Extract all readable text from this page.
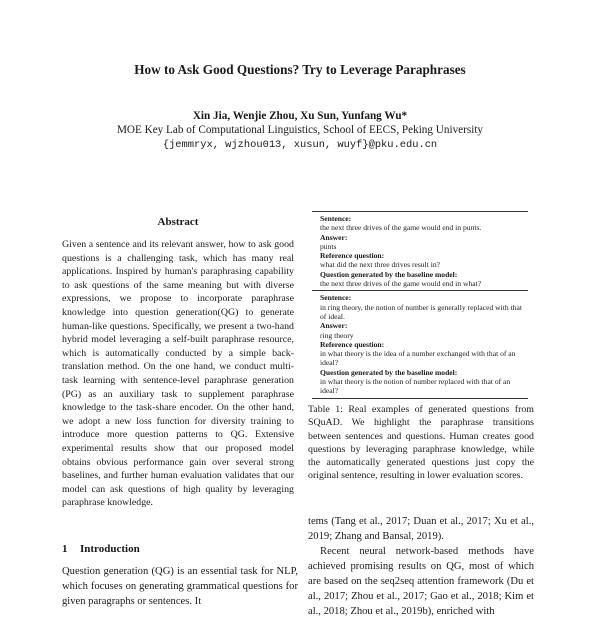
How to Ask Good Questions? Try to Leverage Paraphrases
Xin Jia, Wenjie Zhou, Xu Sun, Yunfang Wu*
MOE Key Lab of Computational Linguistics, School of EECS, Peking University
{jemmryx, wjzhou013, xusun, wuyf}@pku.edu.cn
Abstract
Given a sentence and its relevant answer, how to ask good questions is a challenging task, which has many real applications. Inspired by human's paraphrasing capability to ask questions of the same meaning but with diverse expressions, we propose to incorporate paraphrase knowledge into question generation(QG) to generate human-like questions. Specifically, we present a two-hand hybrid model leveraging a self-built paraphrase resource, which is automatically conducted by a simple back-translation method. On the one hand, we conduct multi-task learning with sentence-level paraphrase generation (PG) as an auxiliary task to supplement paraphrase knowledge to the task-share encoder. On the other hand, we adopt a new loss function for diversity training to introduce more question patterns to QG. Extensive experimental results show that our proposed model obtains obvious performance gain over several strong baselines, and further human evaluation validates that our model can ask questions of high quality by leveraging paraphrase knowledge.
1 Introduction
Question generation (QG) is an essential task for NLP, which focuses on generating grammatical questions for given paragraphs or sentences. It
Sentence:
the next three drives of the game would end in punts.
Answer:
punts
Reference question:
what did the next three drives result in?
Question generated by the baseline model:
the next three drives of the game would end in what?
Sentence:
in ring theory, the notion of number is generally replaced with that of ideal.
Answer:
ring theory
Reference question:
in what theory is the idea of a number exchanged with that of an ideal?
Question generated by the baseline model:
in what theory is the notion of number replaced with that of an ideal?
Table 1: Real examples of generated questions from SQuAD. We highlight the paraphrase transitions between sentences and questions. Human creates good questions by leveraging paraphrase knowledge, while the automatically generated questions just copy the original sentence, resulting in lower evaluation scores.

tems (Tang et al., 2017; Duan et al., 2017; Xu et al., 2019; Zhang and Bansal, 2019).

Recent neural network-based methods have achieved promising results on QG, most of which are based on the seq2seq attention framework (Du et al., 2017; Zhou et al., 2017; Gao et al., 2018; Kim et al., 2018; Zhou et al., 2019b), enriched with
